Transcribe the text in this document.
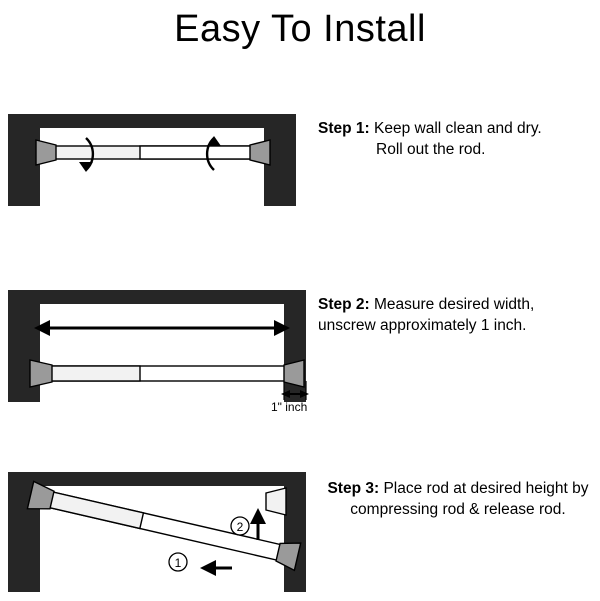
Easy To Install
Step 1: Keep wall clean and dry.
Roll out the rod.
1" inch
Step 2: Measure desired width,
unscrew approximately 1 inch.
2
1
Step 3: Place rod at desired height by compressing rod & release rod.
